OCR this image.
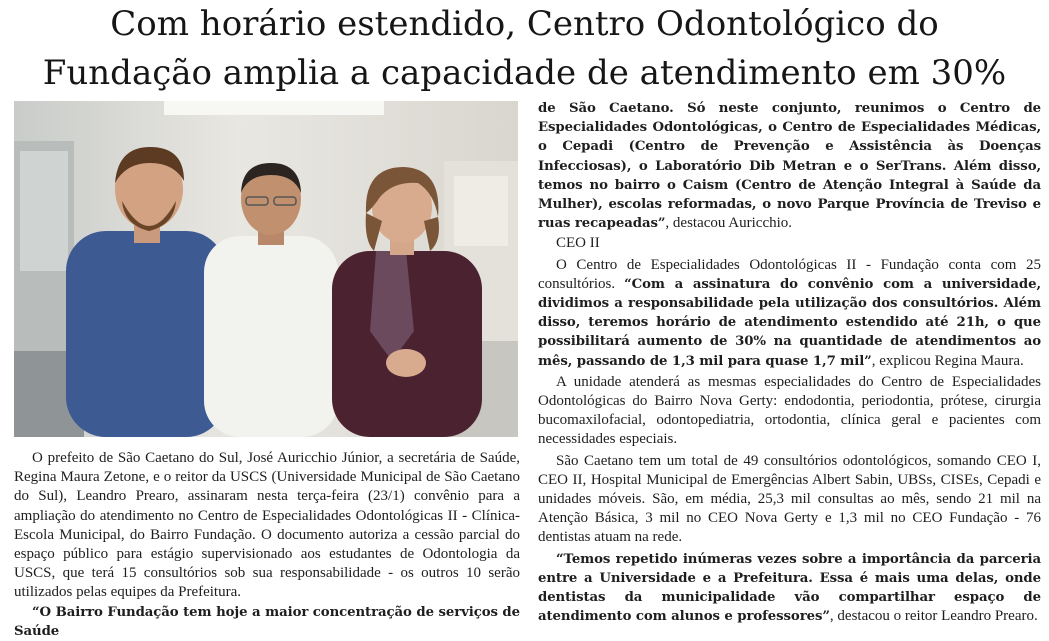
Com horário estendido, Centro Odontológico do
Fundação amplia a capacidade de atendimento em 30%

O prefeito de São Caetano do Sul, José Auricchio Júnior, a secretária de Saúde, Regina Maura Zetone, e o reitor da USCS (Universidade Municipal de São Caetano do Sul), Leandro Prearo, assinaram nesta terça-feira (23/1) convênio para a ampliação do atendimento no Centro de Especialidades Odontológicas II - Clínica-Escola Municipal, do Bairro Fundação. O documento autoriza a cessão parcial do espaço público para estágio supervisionado aos estudantes de Odontologia da USCS, que terá 15 consultórios sob sua responsabilidade - os outros 10 serão utilizados pelas equipes da Prefeitura.

“O Bairro Fundação tem hoje a maior concentração de serviços de Saúde

de São Caetano. Só neste conjunto, reunimos o Centro de Especialidades Odontológicas, o Centro de Especialidades Médicas, o Cepadi (Centro de Prevenção e Assistência às Doenças Infecciosas), o Laboratório Dib Metran e o SerTrans. Além disso, temos no bairro o Caism (Centro de Atenção Integral à Saúde da Mulher), escolas reformadas, o novo Parque Província de Treviso e ruas recapeadas”, destacou Auricchio.

CEO II

O Centro de Especialidades Odontológicas II - Fundação conta com 25 consultórios. “Com a assinatura do convênio com a universidade, dividimos a responsabilidade pela utilização dos consultórios. Além disso, teremos horário de atendimento estendido até 21h, o que possibilitará aumento de 30% na quantidade de atendimentos ao mês, passando de 1,3 mil para quase 1,7 mil”, explicou Regina Maura.

A unidade atenderá as mesmas especialidades do Centro de Especialidades Odontológicas do Bairro Nova Gerty: endodontia, periodontia, prótese, cirurgia bucomaxilofacial, odontopediatria, ortodontia, clínica geral e pacientes com necessidades especiais.

São Caetano tem um total de 49 consultórios odontológicos, somando CEO I, CEO II, Hospital Municipal de Emergências Albert Sabin, UBSs, CISEs, Cepadi e unidades móveis. São, em média, 25,3 mil consultas ao mês, sendo 21 mil na Atenção Básica, 3 mil no CEO Nova Gerty e 1,3 mil no CEO Fundação - 76 dentistas atuam na rede.

“Temos repetido inúmeras vezes sobre a importância da parceria entre a Universidade e a Prefeitura. Essa é mais uma delas, onde dentistas da municipalidade vão compartilhar espaço de atendimento com alunos e professores”, destacou o reitor Leandro Prearo.
